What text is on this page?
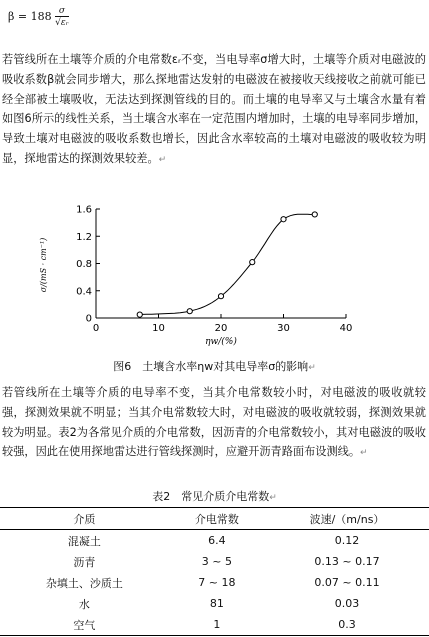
$\beta = 188 \frac{\sigma}{\text{√εᵣ}}$

若管线所在土壤等介质的介电常数εᵣ不变，当电导率σ增大时，土壤等介质对电磁波的吸收系数β就会同步增大，那么探地雷达发射的电磁波在被接收天线接收之前就可能已经全部被土壤吸收，无法达到探测管线的目的。而土壤的电导率又与土壤含水量有着如图6所示的线性关系，当土壤含水率在一定范围内增加时，土壤的电导率同步增加，导致土壤对电磁波的吸收系数也增长，因此含水率较高的土壤对电磁波的吸收较为明显，探地雷达的探测效果较差。↵

0	10	20	30	40
0
0.4
0.8
1.2
1.6
σ/(mS · cm⁻¹)
ηw/(%)
图6　土壤含水率ηw对其电导率σ的影响↵

若管线所在土壤等介质的电导率不变，当其介电常数较小时，对电磁波的吸收就较强，探测效果就不明显；当其介电常数较大时，对电磁波的吸收就较弱，探测效果就较为明显。表2为各常见介质的介电常数，因沥青的介电常数较小，其对电磁波的吸收较强，因此在使用探地雷达进行管线探测时，应避开沥青路面布设测线。↵

表2　常见介质介电常数↵
介质	介电常数	波速/（m/ns）
混凝土	6.4	0.12
沥青	3 ~ 5	0.13 ~ 0.17
杂填土、沙质土	7 ~ 18	0.07 ~ 0.11
水	81	0.03
空气	1	0.3
